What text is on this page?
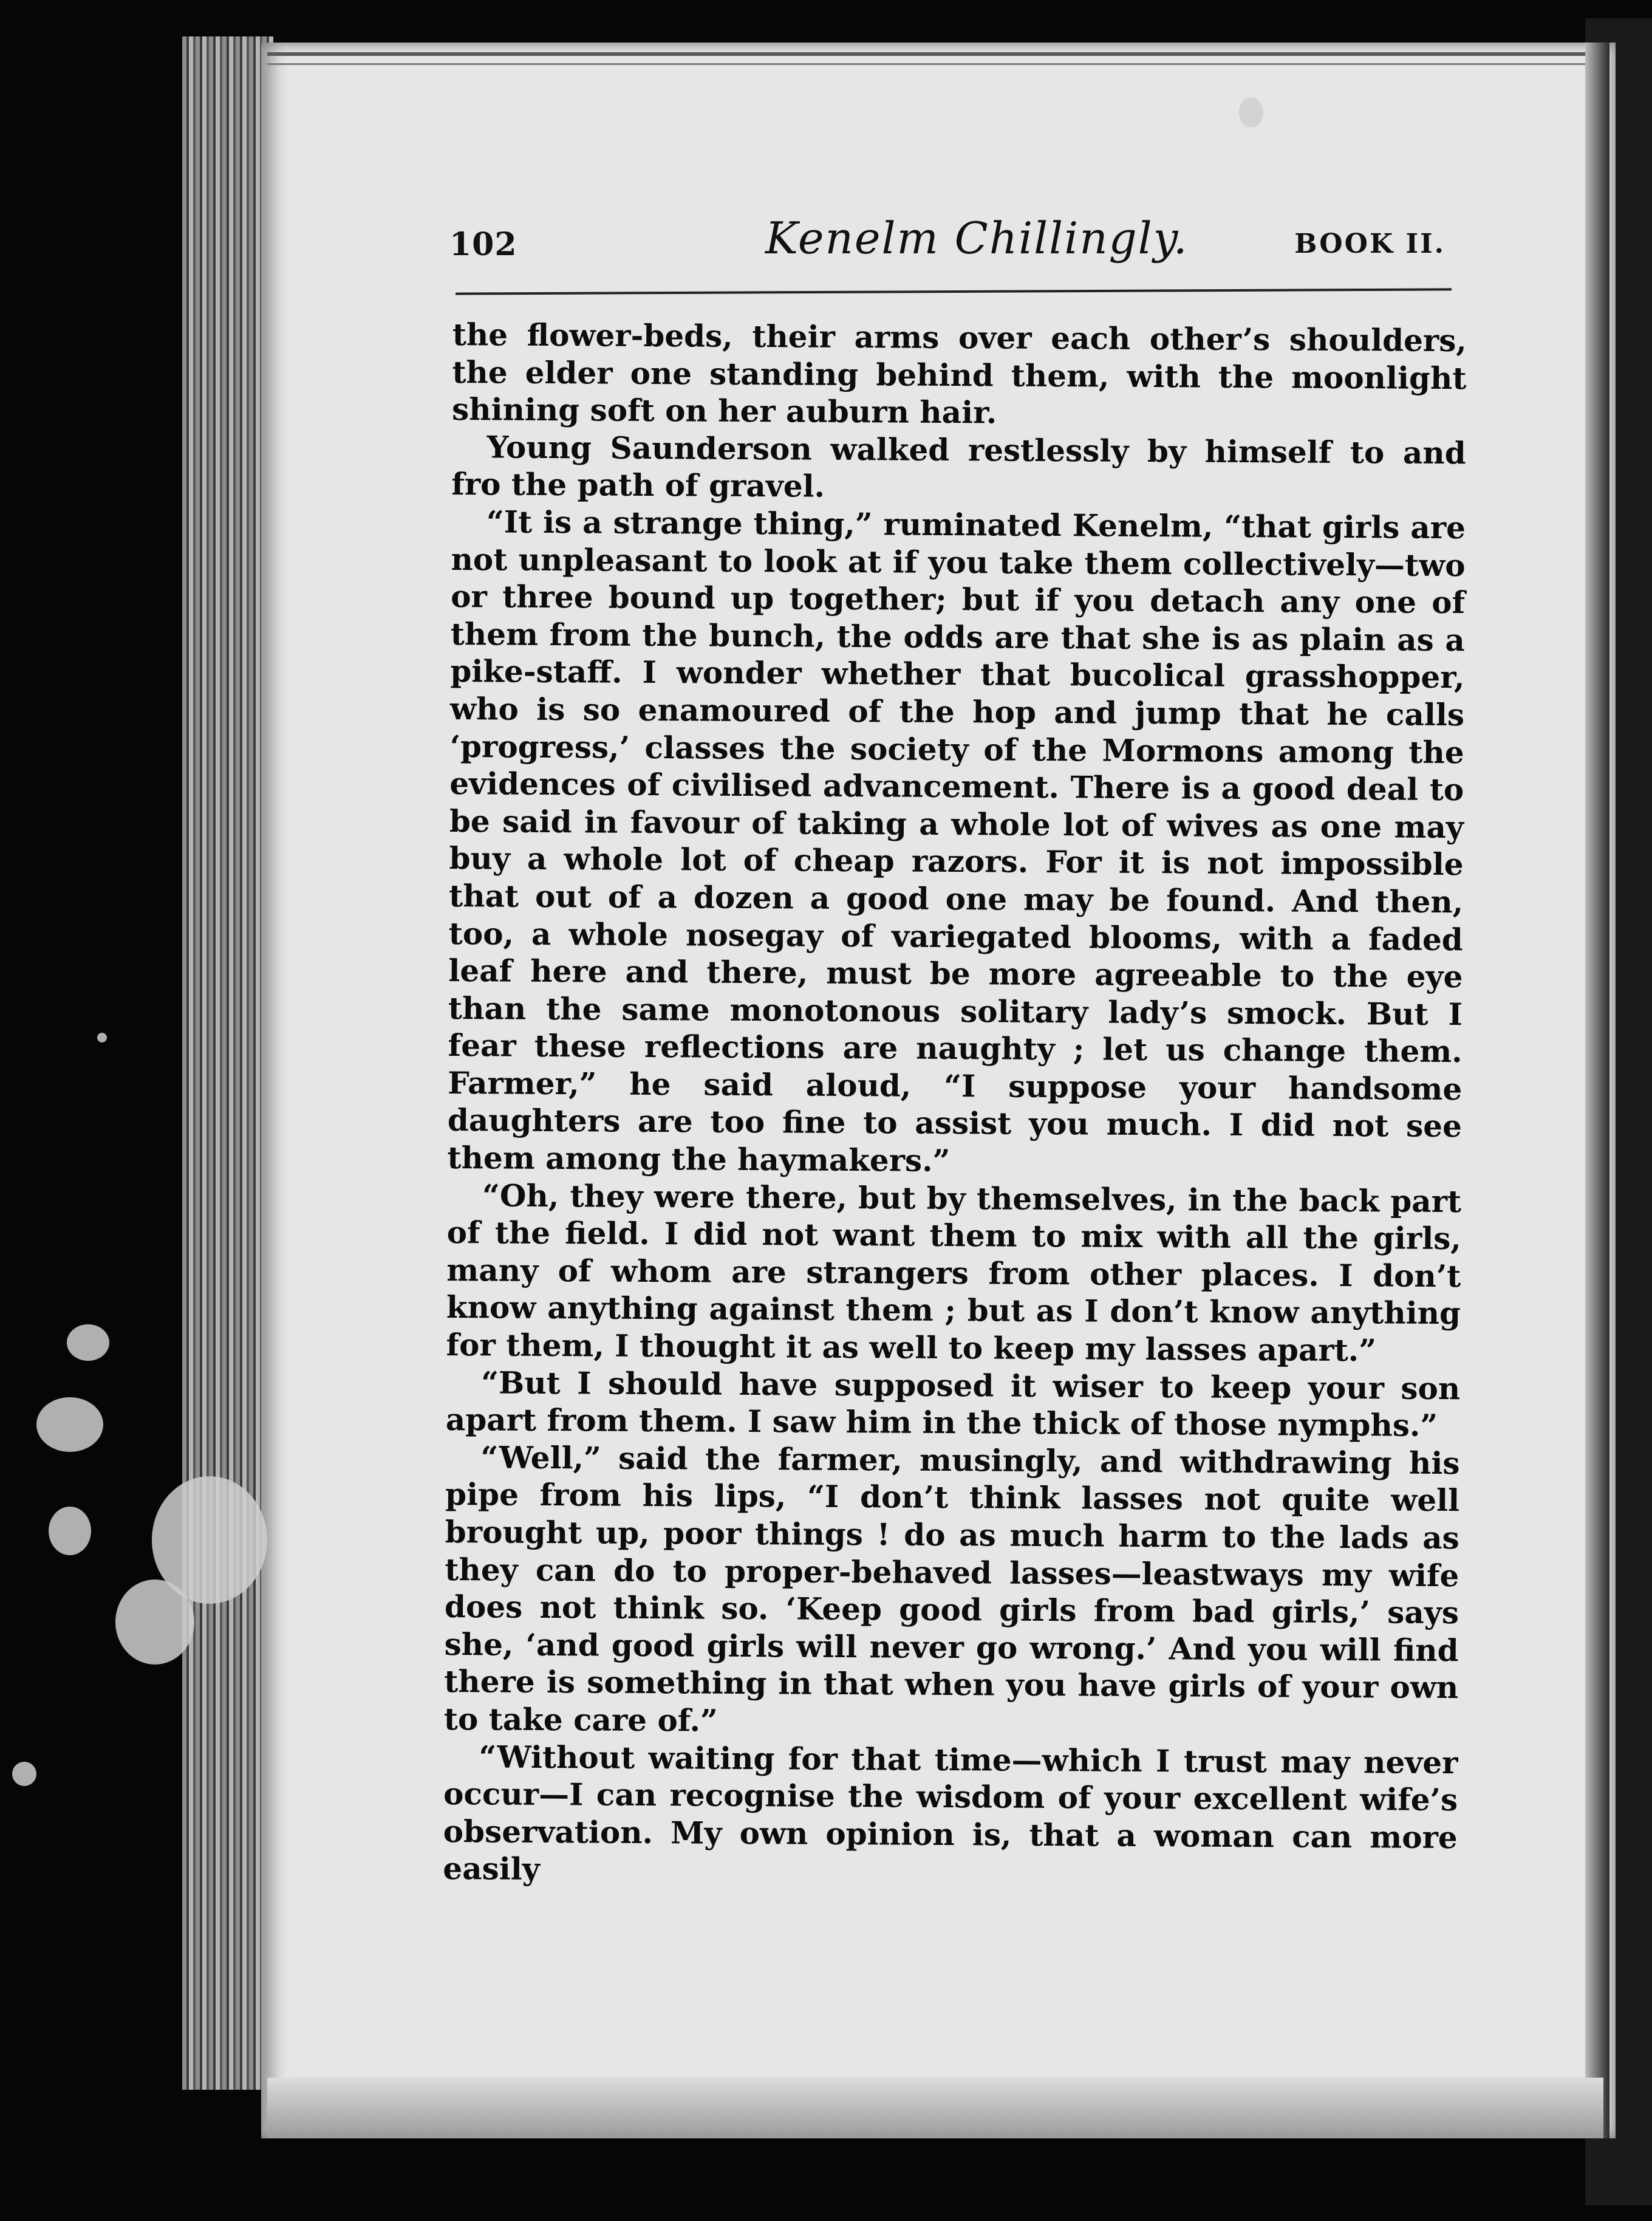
102	Kenelm Chillingly.	BOOK II.

the flower-beds, their arms over each other’s shoulders, the elder one standing behind them, with the moonlight shining soft on her auburn hair.

Young Saunderson walked restlessly by himself to and fro the path of gravel.

“It is a strange thing,” ruminated Kenelm, “that girls are not unpleasant to look at if you take them collectively—two or three bound up together; but if you detach any one of them from the bunch, the odds are that she is as plain as a pike-staff. I wonder whether that bucolical grasshopper, who is so enamoured of the hop and jump that he calls ‘progress,’ classes the society of the Mormons among the evidences of civilised advancement. There is a good deal to be said in favour of taking a whole lot of wives as one may buy a whole lot of cheap razors. For it is not impossible that out of a dozen a good one may be found. And then, too, a whole nosegay of variegated blooms, with a faded leaf here and there, must be more agreeable to the eye than the same monotonous solitary lady’s smock. But I fear these reflections are naughty ; let us change them. Farmer,” he said aloud, “I suppose your handsome daughters are too fine to assist you much. I did not see them among the haymakers.”

“Oh, they were there, but by themselves, in the back part of the field. I did not want them to mix with all the girls, many of whom are strangers from other places. I don’t know anything against them ; but as I don’t know anything for them, I thought it as well to keep my lasses apart.”

“But I should have supposed it wiser to keep your son apart from them. I saw him in the thick of those nymphs.”

“Well,” said the farmer, musingly, and withdrawing his pipe from his lips, “I don’t think lasses not quite well brought up, poor things ! do as much harm to the lads as they can do to proper-behaved lasses—leastways my wife does not think so. ‘Keep good girls from bad girls,’ says she, ‘and good girls will never go wrong.’ And you will find there is something in that when you have girls of your own to take care of.”

“Without waiting for that time—which I trust may never occur—I can recognise the wisdom of your excellent wife’s observation. My own opinion is, that a woman can more easily
